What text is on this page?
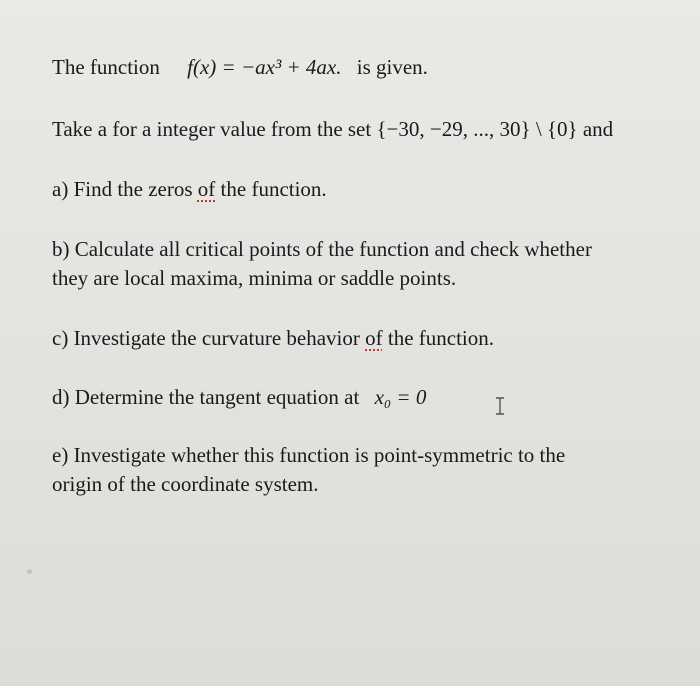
The function f(x) = −ax³ + 4ax. is given.
Take a for a integer value from the set {−30, −29, ..., 30} \ {0} and
a) Find the zeros of the function.
b) Calculate all critical points of the function and check whether
they are local maxima, minima or saddle points.
c) Investigate the curvature behavior of the function.
d) Determine the tangent equation at x₀ = 0
e) Investigate whether this function is point-symmetric to the
origin of the coordinate system.
